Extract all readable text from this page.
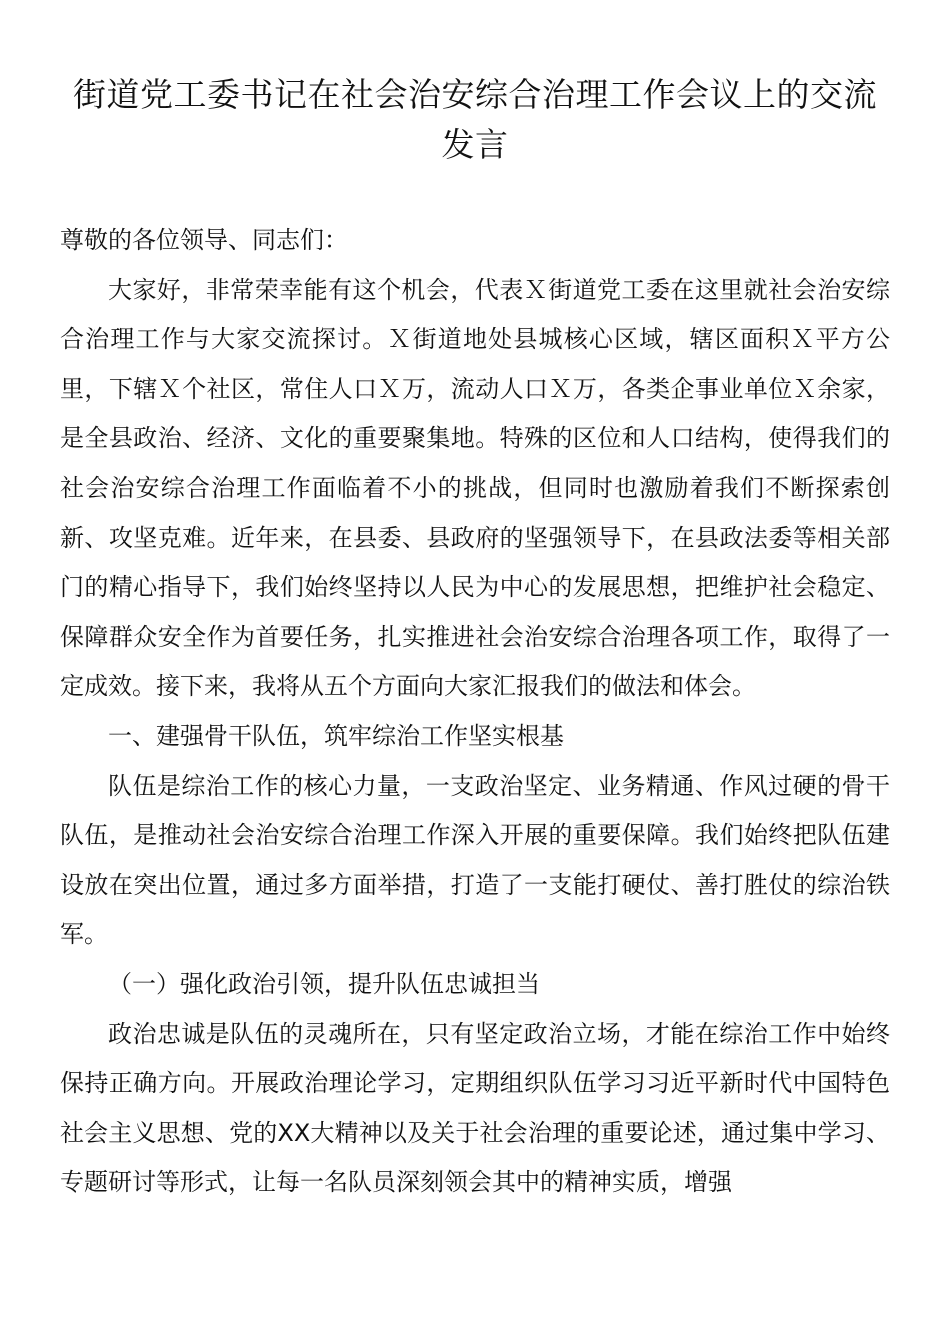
街道党工委书记在社会治安综合治理工作会议上的交流发言

尊敬的各位领导、同志们：

大家好，非常荣幸能有这个机会，代表Ｘ街道党工委在这里就社会治安综合治理工作与大家交流探讨。Ｘ街道地处县城核心区域，辖区面积Ｘ平方公里，下辖Ｘ个社区，常住人口Ｘ万，流动人口Ｘ万，各类企事业单位Ｘ余家，是全县政治、经济、文化的重要聚集地。特殊的区位和人口结构，使得我们的社会治安综合治理工作面临着不小的挑战，但同时也激励着我们不断探索创新、攻坚克难。近年来，在县委、县政府的坚强领导下，在县政法委等相关部门的精心指导下，我们始终坚持以人民为中心的发展思想，把维护社会稳定、保障群众安全作为首要任务，扎实推进社会治安综合治理各项工作，取得了一定成效。接下来，我将从五个方面向大家汇报我们的做法和体会。

一、建强骨干队伍，筑牢综治工作坚实根基

队伍是综治工作的核心力量，一支政治坚定、业务精通、作风过硬的骨干队伍，是推动社会治安综合治理工作深入开展的重要保障。我们始终把队伍建设放在突出位置，通过多方面举措，打造了一支能打硬仗、善打胜仗的综治铁军。

（一）强化政治引领，提升队伍忠诚担当

政治忠诚是队伍的灵魂所在，只有坚定政治立场，才能在综治工作中始终保持正确方向。开展政治理论学习，定期组织队伍学习习近平新时代中国特色社会主义思想、党的XX大精神以及关于社会治理的重要论述，通过集中学习、专题研讨等形式，让每一名队员深刻领会其中的精神实质，增强
